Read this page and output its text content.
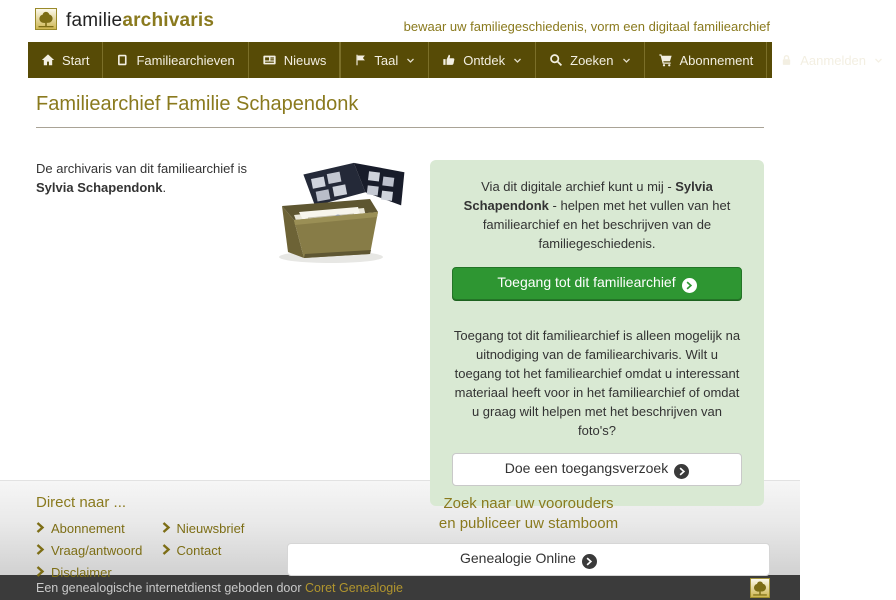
familiearchivaris	bewaar uw familiegeschiedenis, vorm een digitaal familiearchief
Start	Familiearchieven	Nieuws	Taal	Ontdek	Zoeken	Abonnement	Aanmelden
Familiearchief Familie Schapendonk

De archivaris van dit familiearchief is Sylvia Schapendonk.	Via dit digitale archief kunt u mij - Sylvia Schapendonk - helpen met het vullen van het familiearchief en het beschrijven van de familiegeschiedenis.

Toegang tot dit familiearchief

Toegang tot dit familiearchief is alleen mogelijk na uitnodiging van de familiearchivaris. Wilt u toegang tot het familiearchief omdat u interessant materiaal heeft voor in het familiearchief of omdat u graag wilt helpen met het beschrijven van foto's?

Doe een toegangsverzoek
Direct naar ...
Abonnement
Vraag/antwoord
Disclaimer
Nieuwsbrief
Contact
Zoek naar uw voorouders
en publiceer uw stamboom
Genealogie Online
Een genealogische internetdienst geboden door Coret Genealogie
